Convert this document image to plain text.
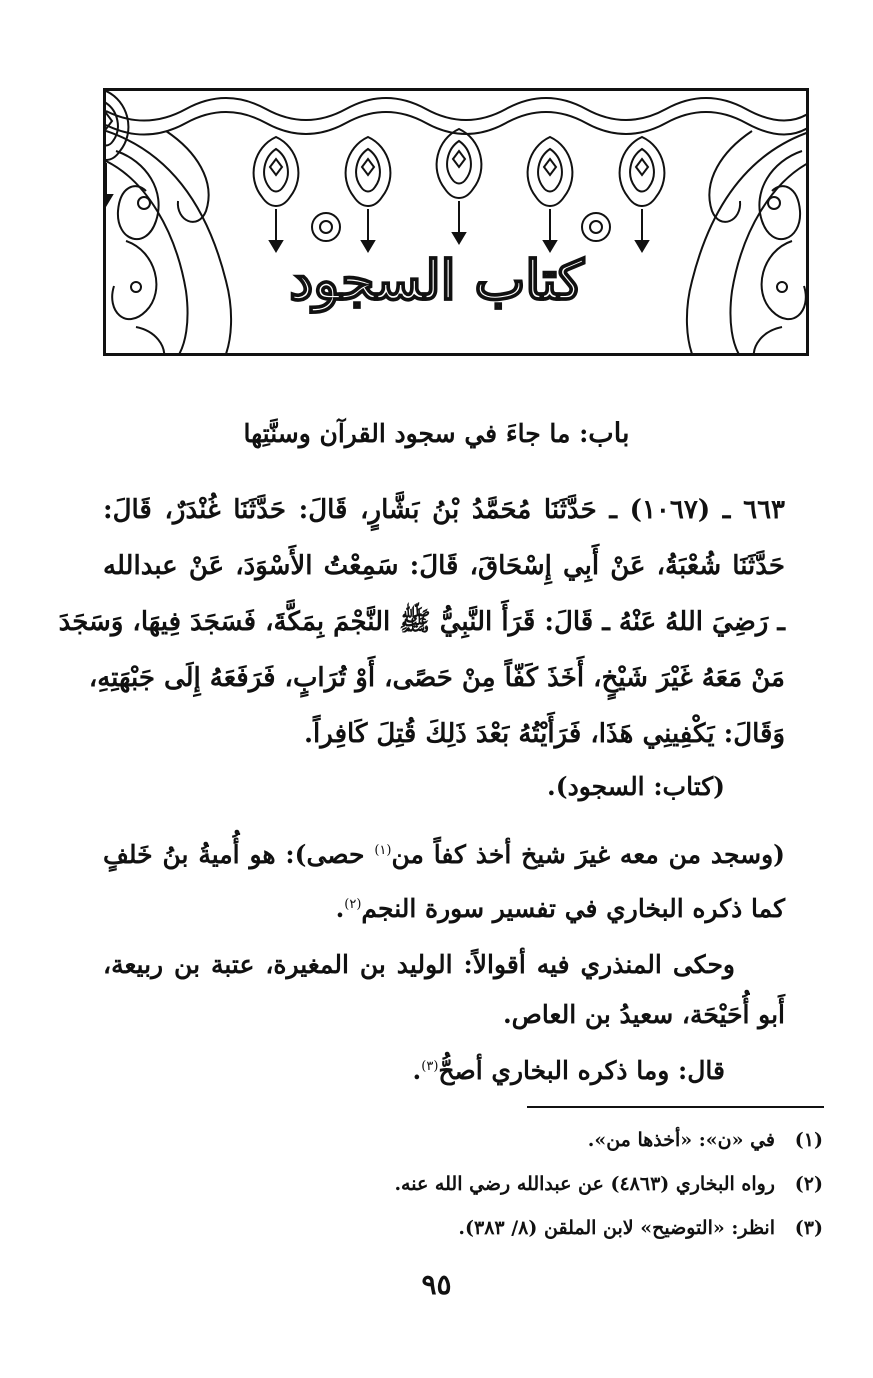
كتاب السجود
باب: ما جاءَ في سجود القرآن وسنَّتِها
٦٦٣ ـ (١٠٦٧) ـ حَدَّثَنَا مُحَمَّدُ بْنُ بَشَّارٍ، قَالَ: حَدَّثَنَا غُنْدَرٌ، قَالَ:
حَدَّثَنَا شُعْبَةُ، عَنْ أَبِي إِسْحَاقَ، قَالَ: سَمِعْتُ الأَسْوَدَ، عَنْ عبدالله
ـ رَضِيَ اللهُ عَنْهُ ـ قَالَ: قَرَأَ النَّبِيُّ ﷺ النَّجْمَ بِمَكَّةَ، فَسَجَدَ فِيهَا، وَسَجَدَ
مَنْ مَعَهُ غَيْرَ شَيْخٍ، أَخَذَ كَفّاً مِنْ حَصًى، أَوْ تُرَابٍ، فَرَفَعَهُ إِلَى جَبْهَتِهِ،
وَقَالَ: يَكْفِينِي هَذَا، فَرَأَيْتُهُ بَعْدَ ذَلِكَ قُتِلَ كَافِراً.
(كتاب: السجود).
(وسجد من معه غيرَ شيخ أخذ كفاً من$^{(١)}$ حصى): هو أُميةُ بنُ خَلفٍ
كما ذكره البخاري في تفسير سورة النجم$^{(٢)}$.
وحكى المنذري فيه أقوالاً: الوليد بن المغيرة، عتبة بن ربيعة،
أَبو أُحَيْحَة، سعيدُ بن العاص.
قال: وما ذكره البخاري أصحُّ$^{(٣)}$.
(١)
في «ن»: «أخذها من».
(٢)
رواه البخاري (٤٨٦٣) عن عبدالله رضي الله عنه.
(٣)
انظر: «التوضيح» لابن الملقن (٨/ ٣٨٣).
٩٥
